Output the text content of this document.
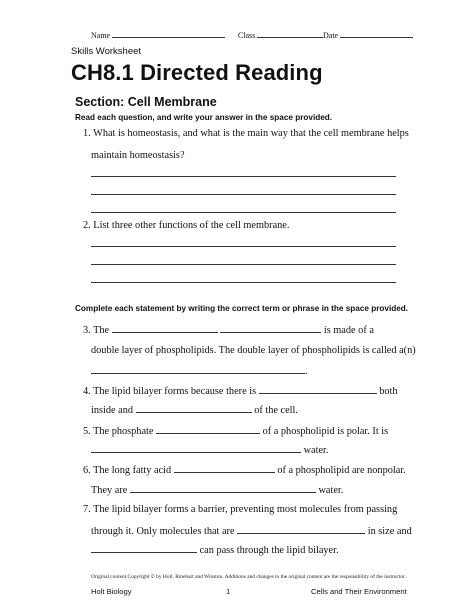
Name	Class	Date
Skills Worksheet
CH8.1 Directed Reading
Section: Cell Membrane
Read each question, and write your answer in the space provided.
1. What is homeostasis, and what is the main way that the cell membrane helps
maintain homeostasis?
2. List three other functions of the cell membrane.
Complete each statement by writing the correct term or phrase in the space provided.
3. The	is made of a
double layer of phospholipids. The double layer of phospholipids is called a(n)
.
4. The lipid bilayer forms because there is	both
inside and	of the cell.
5. The phosphate	of a phospholipid is polar. It is
water.
6. The long fatty acid	of a phospholipid are nonpolar.
They are	water.
7. The lipid bilayer forms a barrier, preventing most molecules from passing
through it. Only molecules that are	in size and
can pass through the lipid bilayer.
Original content Copyright © by Holt, Rinehart and Winston. Additions and changes to the original content are the responsibility of the instructor.
Holt Biology	1	Cells and Their Environment
